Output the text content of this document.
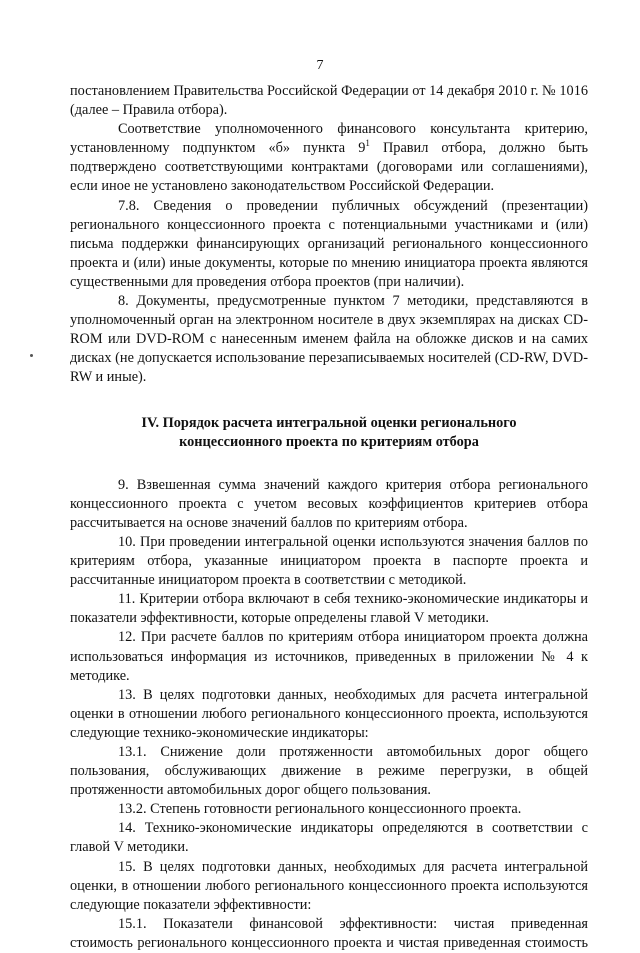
7

постановлением Правительства Российской Федерации от 14 декабря 2010 г. № 1016 (далее – Правила отбора).

Соответствие уполномоченного финансового консультанта критерию, установленному подпунктом «б» пункта $9^1$ Правил отбора, должно быть подтверждено соответствующими контрактами (договорами или соглашениями), если иное не установлено законодательством Российской Федерации.

7.8. Сведения о проведении публичных обсуждений (презентации) регионального концессионного проекта с потенциальными участниками и (или) письма поддержки финансирующих организаций регионального концессионного проекта и (или) иные документы, которые по мнению инициатора проекта являются существенными для проведения отбора проектов (при наличии).

8. Документы, предусмотренные пунктом 7 методики, представляются в уполномоченный орган на электронном носителе в двух экземплярах на дисках CD-ROM или DVD-ROM с нанесенным именем файла на обложке дисков и на самих дисках (не допускается использование перезаписываемых носителей (CD-RW, DVD-RW и иные).

IV. Порядок расчета интегральной оценки регионального
концессионного проекта по критериям отбора

9. Взвешенная сумма значений каждого критерия отбора регионального концессионного проекта с учетом весовых коэффициентов критериев отбора рассчитывается на основе значений баллов по критериям отбора.

10. При проведении интегральной оценки используются значения баллов по критериям отбора, указанные инициатором проекта в паспорте проекта и рассчитанные инициатором проекта в соответствии с методикой.

11. Критерии отбора включают в себя технико-экономические индикаторы и показатели эффективности, которые определены главой V методики.

12. При расчете баллов по критериям отбора инициатором проекта должна использоваться информация из источников, приведенных в приложении № 4 к методике.

13. В целях подготовки данных, необходимых для расчета интегральной оценки в отношении любого регионального концессионного проекта, используются следующие технико-экономические индикаторы:

13.1. Снижение доли протяженности автомобильных дорог общего пользования, обслуживающих движение в режиме перегрузки, в общей протяженности автомобильных дорог общего пользования.

13.2. Степень готовности регионального концессионного проекта.

14. Технико-экономические индикаторы определяются в соответствии с главой V методики.

15. В целях подготовки данных, необходимых для расчета интегральной оценки, в отношении любого регионального концессионного проекта используются следующие показатели эффективности:

15.1. Показатели финансовой эффективности: чистая приведенная стоимость регионального концессионного проекта и чистая приведенная стоимость
